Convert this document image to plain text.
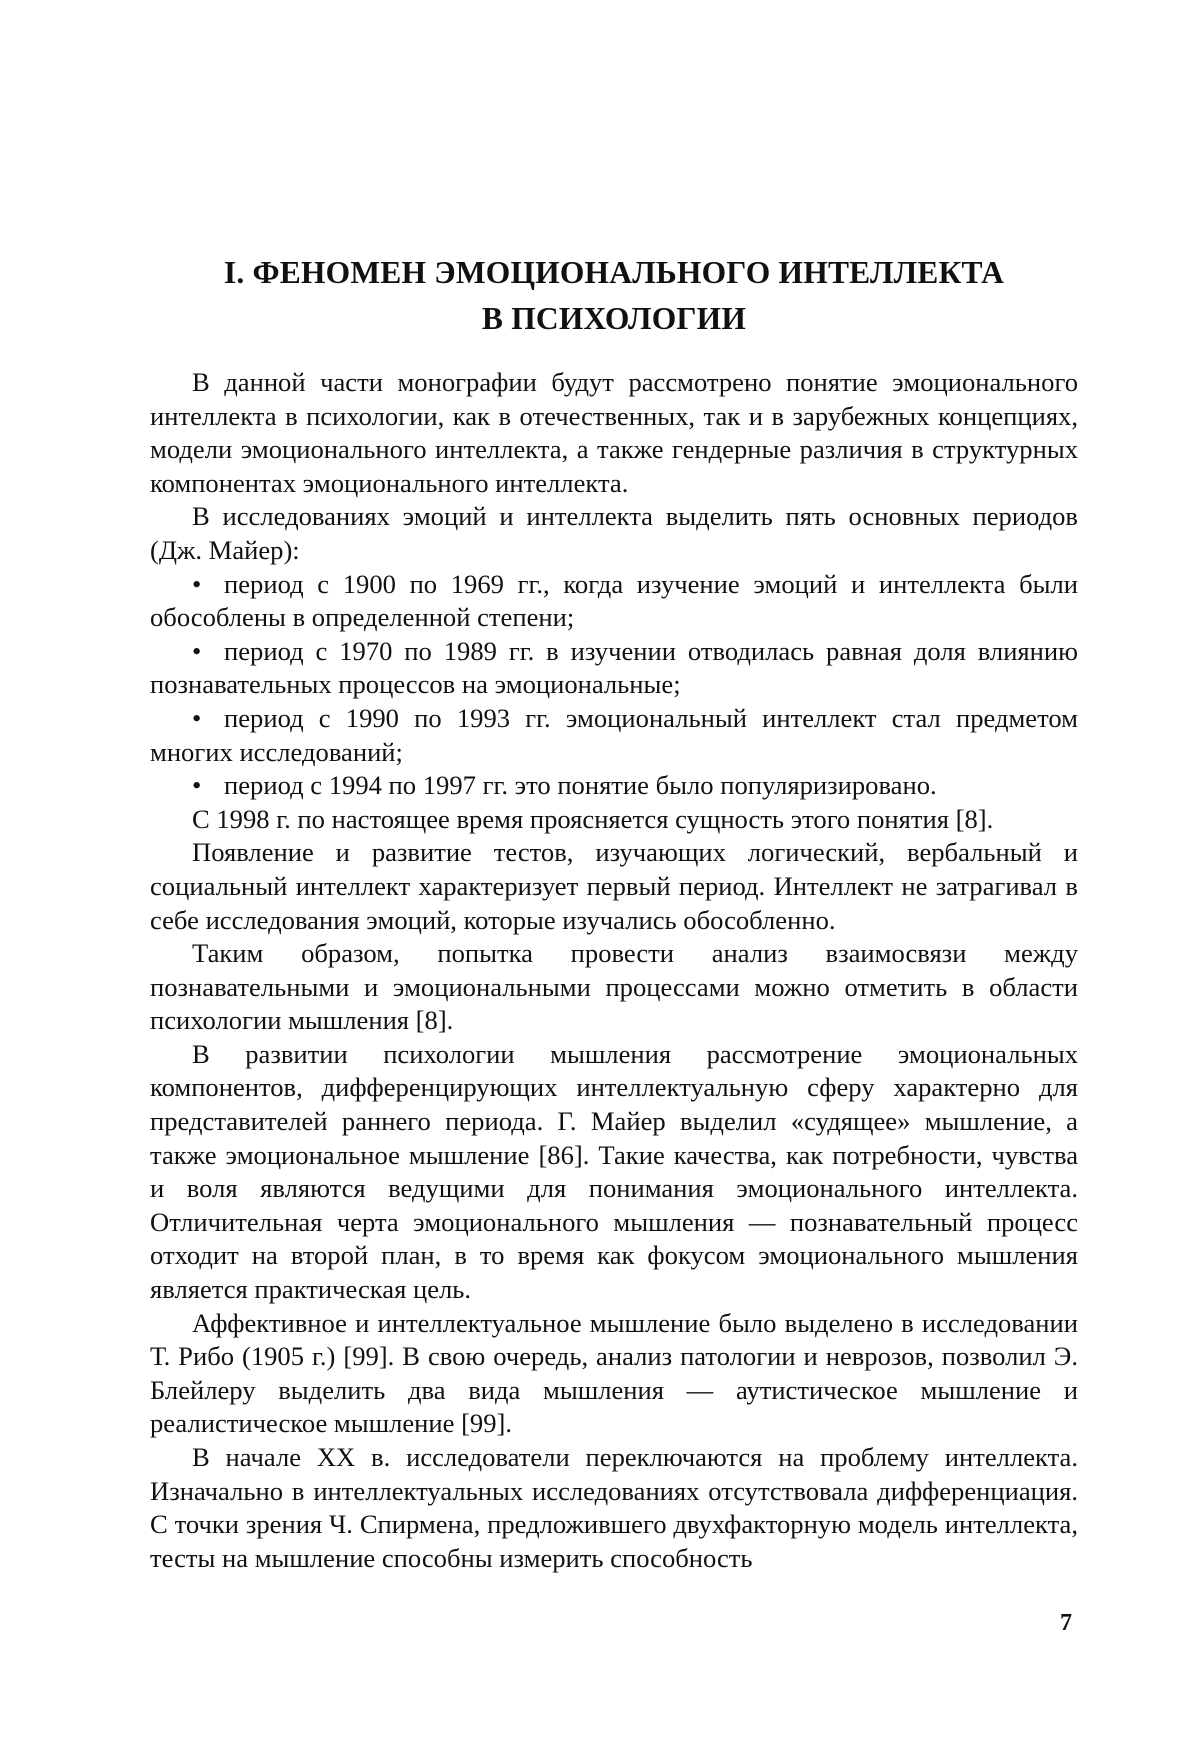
I. ФЕНОМЕН ЭМОЦИОНАЛЬНОГО ИНТЕЛЛЕКТА
В ПСИХОЛОГИИ

В данной части монографии будут рассмотрено понятие эмоционального интеллекта в психологии, как в отечественных, так и в зарубежных концепциях, модели эмоционального интеллекта, а также гендерные различия в структурных компонентах эмоционального интеллекта.

В исследованиях эмоций и интеллекта выделить пять основных периодов (Дж. Майер):

• период с 1900 по 1969 гг., когда изучение эмоций и интеллекта были обособлены в определенной степени;

• период с 1970 по 1989 гг. в изучении отводилась равная доля влиянию познавательных процессов на эмоциональные;

• период с 1990 по 1993 гг. эмоциональный интеллект стал предметом многих исследований;

• период с 1994 по 1997 гг. это понятие было популяризировано.

С 1998 г. по настоящее время проясняется сущность этого понятия [8].

Появление и развитие тестов, изучающих логический, вербальный и социальный интеллект характеризует первый период. Интеллект не затрагивал в себе исследования эмоций, которые изучались обособленно.

Таким образом, попытка провести анализ взаимосвязи между познавательными и эмоциональными процессами можно отметить в области психологии мышления [8].

В развитии психологии мышления рассмотрение эмоциональных компонентов, дифференцирующих интеллектуальную сферу характерно для представителей раннего периода. Г. Майер выделил «судящее» мышление, а также эмоциональное мышление [86]. Такие качества, как потребности, чувства и воля являются ведущими для понимания эмоционального интеллекта. Отличительная черта эмоционального мышления — познавательный процесс отходит на второй план, в то время как фокусом эмоционального мышления является практическая цель.

Аффективное и интеллектуальное мышление было выделено в исследовании Т. Рибо (1905 г.) [99]. В свою очередь, анализ патологии и неврозов, позволил Э. Блейлеру выделить два вида мышления — аутистическое мышление и реалистическое мышление [99].

В начале XX в. исследователи переключаются на проблему интеллекта. Изначально в интеллектуальных исследованиях отсутствовала дифференциация. С точки зрения Ч. Спирмена, предложившего двухфакторную модель интеллекта, тесты на мышление способны измерить способность

7
